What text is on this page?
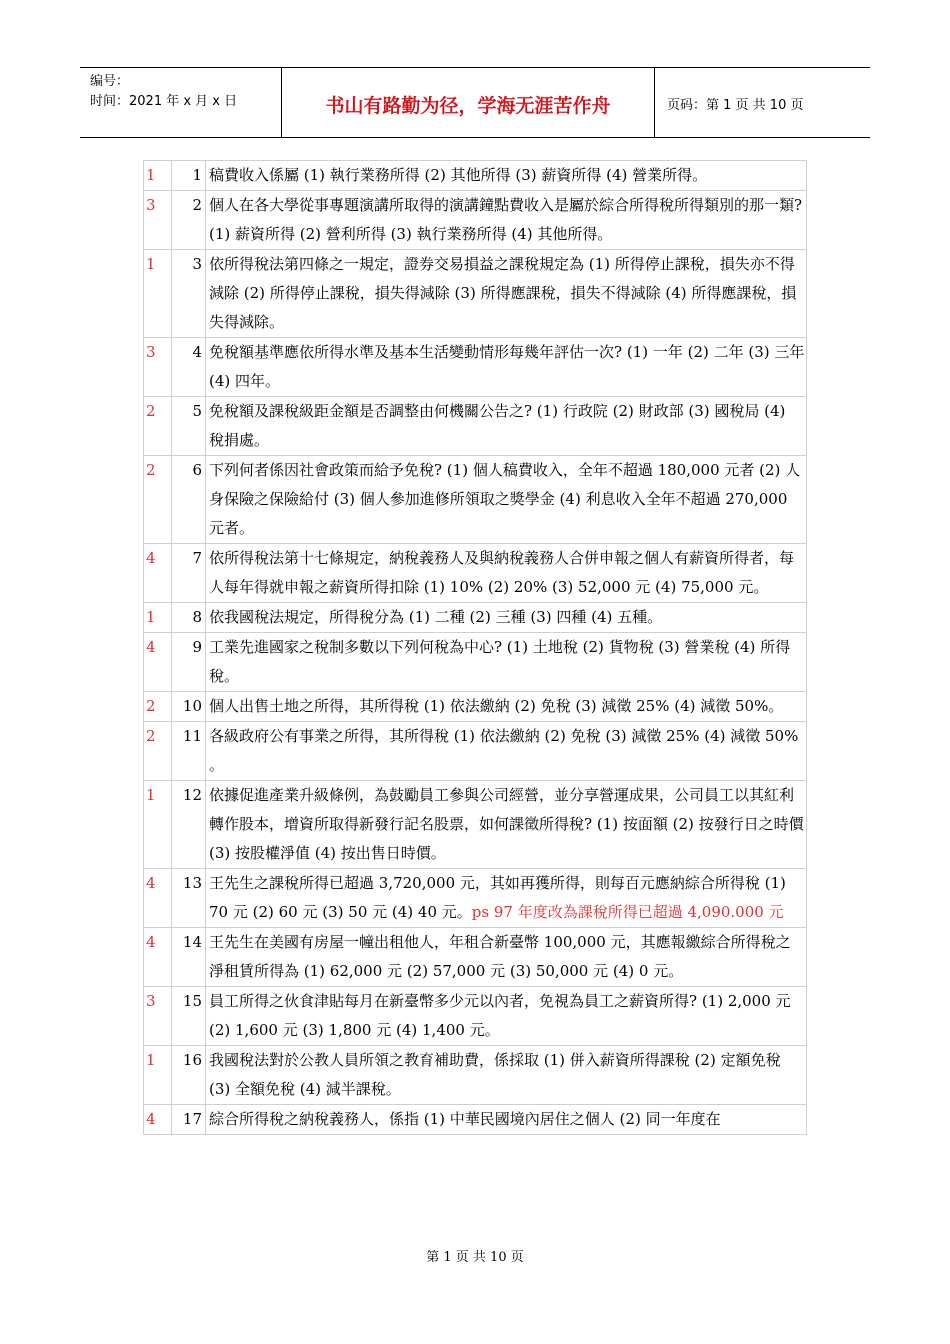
编号：
时间：2021 年 x 月 x 日	书山有路勤为径，学海无涯苦作舟	页码：第 1 页 共 10 页
1	1	稿費收入係屬 (1) 執行業務所得 (2) 其他所得 (3) 薪資所得 (4) 營業所得。
3	2	個人在各大學從事專題演講所取得的演講鐘點費收入是屬於綜合所得稅所得類別的那一類? (1) 薪資所得 (2) 營利所得 (3) 執行業務所得 (4) 其他所得。
1	3	依所得稅法第四條之一規定，證券交易損益之課稅規定為 (1) 所得停止課稅，損失亦不得減除 (2) 所得停止課稅，損失得減除 (3) 所得應課稅，損失不得減除 (4) 所得應課稅，損失得減除。
3	4	免稅額基準應依所得水準及基本生活變動情形每幾年評估一次? (1) 一年 (2) 二年 (3) 三年 (4) 四年。
2	5	免稅額及課稅級距金額是否調整由何機關公告之? (1) 行政院 (2) 財政部 (3) 國稅局 (4) 稅捐處。
2	6	下列何者係因社會政策而給予免稅? (1) 個人稿費收入，全年不超過 180,000 元者 (2) 人身保險之保險給付 (3) 個人參加進修所領取之獎學金 (4) 利息收入全年不超過 270,000 元者。
4	7	依所得稅法第十七條規定，納稅義務人及與納稅義務人合併申報之個人有薪資所得者，每人每年得就申報之薪資所得扣除 (1) 10% (2) 20% (3) 52,000 元 (4) 75,000 元。
1	8	依我國稅法規定，所得稅分為 (1) 二種 (2) 三種 (3) 四種 (4) 五種。
4	9	工業先進國家之稅制多數以下列何稅為中心? (1) 土地稅 (2) 貨物稅 (3) 營業稅 (4) 所得稅。
2	10	個人出售土地之所得，其所得稅 (1) 依法繳納 (2) 免稅 (3) 減徵 25% (4) 減徵 50%。
2	11	各級政府公有事業之所得，其所得稅 (1) 依法繳納 (2) 免稅 (3) 減徵 25% (4) 減徵 50% 。
1	12	依據促進產業升級條例，為鼓勵員工參與公司經營，並分享營運成果，公司員工以其紅利轉作股本，增資所取得新發行記名股票，如何課徵所得稅? (1) 按面額 (2) 按發行日之時價 (3) 按股權淨值 (4) 按出售日時價。
4	13	王先生之課稅所得已超過 3,720,000 元，其如再獲所得，則每百元應納綜合所得稅 (1) 70 元 (2) 60 元 (3) 50 元 (4) 40 元。ps 97 年度改為課稅所得已超過 4,090.000 元
4	14	王先生在美國有房屋一幢出租他人，年租合新臺幣 100,000 元，其應報繳綜合所得稅之淨租賃所得為 (1) 62,000 元 (2) 57,000 元 (3) 50,000 元 (4) 0 元。
3	15	員工所得之伙食津貼每月在新臺幣多少元以內者，免視為員工之薪資所得? (1) 2,000 元 (2) 1,600 元 (3) 1,800 元 (4) 1,400 元。
1	16	我國稅法對於公教人員所領之教育補助費，係採取 (1) 併入薪資所得課稅 (2) 定額免稅 (3) 全額免稅 (4) 減半課稅。
4	17	綜合所得稅之納稅義務人，係指 (1) 中華民國境內居住之個人 (2) 同一年度在
第 1 页 共 10 页
